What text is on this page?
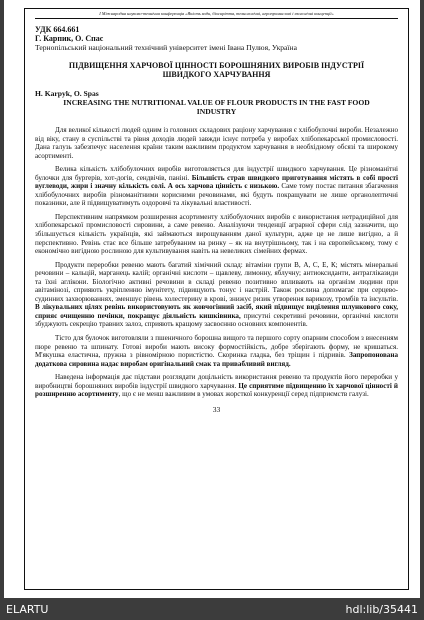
І Міжнародна науково-технічна конференція «Якість води, біосиріття, технологічні, агропромислові і екологічні концепції»
УДК 664.661
Г. Карпик, О. Спас
Тернопільський національний технічний університет імені Івана Пулюя, Україна
ПІДВИЩЕННЯ ХАРЧОВОЇ ЦІННОСТІ БОРОШНЯНИХ ВИРОБІВ ІНДУСТРІЇ ШВИДКОГО ХАРЧУВАННЯ
H. Karpyk, O. Spas
INCREASING THE NUTRITIONAL VALUE OF FLOUR PRODUCTS IN THE FAST FOOD INDUSTRY

Для великої кількості людей одним із головних складових раціону харчування є хлібобулочні вироби. Незалежно від віку, стану в суспільстві та рівня доходів людей завжди існує потреба у виробах хлібопекарської промисловості. Дана галузь забезпечує населення країни таким важливим продуктом харчування в необхідному обсязі та широкому асортименті.

Велика кількість хлібобулочних виробів виготовляється для індустрії швидкого харчування. Це різноманітні булочки для бургерів, хот-догів, сендвічів, паніні. Більшість страв швидкого приготування містять в собі прості вуглеводи, жири і значну кількість солі. А ось харчова цінність є низькою. Саме тому постає питання збагачення хлібобулочних виробів різноманітними корисними речовинами, які будуть покращувати не лише органолептичні показники, але й підвищуватимуть оздоровчі та лікувальні властивості.

Перспективним напрямком розширення асортименту хлібобулочних виробів є використання нетрадиційної для хлібопекарської промисловості сировини, а саме ревеню. Аналізуючи тенденції аграрної сфери слід зазначити, що збільшується кількість українців, які займаються вирощуванням даної культури, адже це не лише вигідно, а й перспективно. Ревінь стає все більше затребуваним на ринку – як на внутрішньому, так і на європейському, тому є економічно вигідною рослиною для культивування навіть на невеликих сімейних фермах.

Продукти переробки ревеню мають багатий хімічний склад: вітаміни групи В, А, С, Е, К; містять мінеральні речовини – кальцій, марганець калій; органічні кислоти – щавлеву, лимонну, яблучну; антиоксиданти, антрагліказиди та їхні аглікони. Біологічно активні речовини в складі ревеню позитивно впливають на організм людини при авітамінозі, сприяють укріпленню імунітету, підвищують тонус і настрій. Також рослина допомагає при серцево-судинних захворюваннях, зменшує рівень холестерину в крові, знижує ризик утворення варикозу, тромбів та інсультів. В лікувальних цілях ревінь використовують як жовчогінний засіб, який підвищує виділення шлункового соку, сприяє очищенню печінки, покращує діяльність кишківника, присутні секретивні речовини, органічні кислоти збуджують секрецію травних залоз, сприяють кращому засвоєнню основних компонентів.

Тісто для булочок виготовляли з пшеничного борошна вищого та першого сорту опарним способом з внесенням пюре ревеню та шпинату. Готові вироби мають високу формостійкість, добре зберігають форму, не кришаться. М'якушка еластична, пружна з рівномірною пористістю. Скоринка гладка, без тріщин і підривів. Запропонована додаткова сировина надає виробам оригінальний смак та привабливий вигляд.

Наведена інформація дає підстави розглядати доцільність використання ревеню та продуктів його переробки у виробництві борошняних виробів індустрії швидкого харчування. Це сприятиме підвищенню їх харчової цінності й розширенню асортименту, що є не менш важливим в умовах жорсткої конкуренції серед підприємств галузі.

33
ELARTU	hdl:lib/35441
